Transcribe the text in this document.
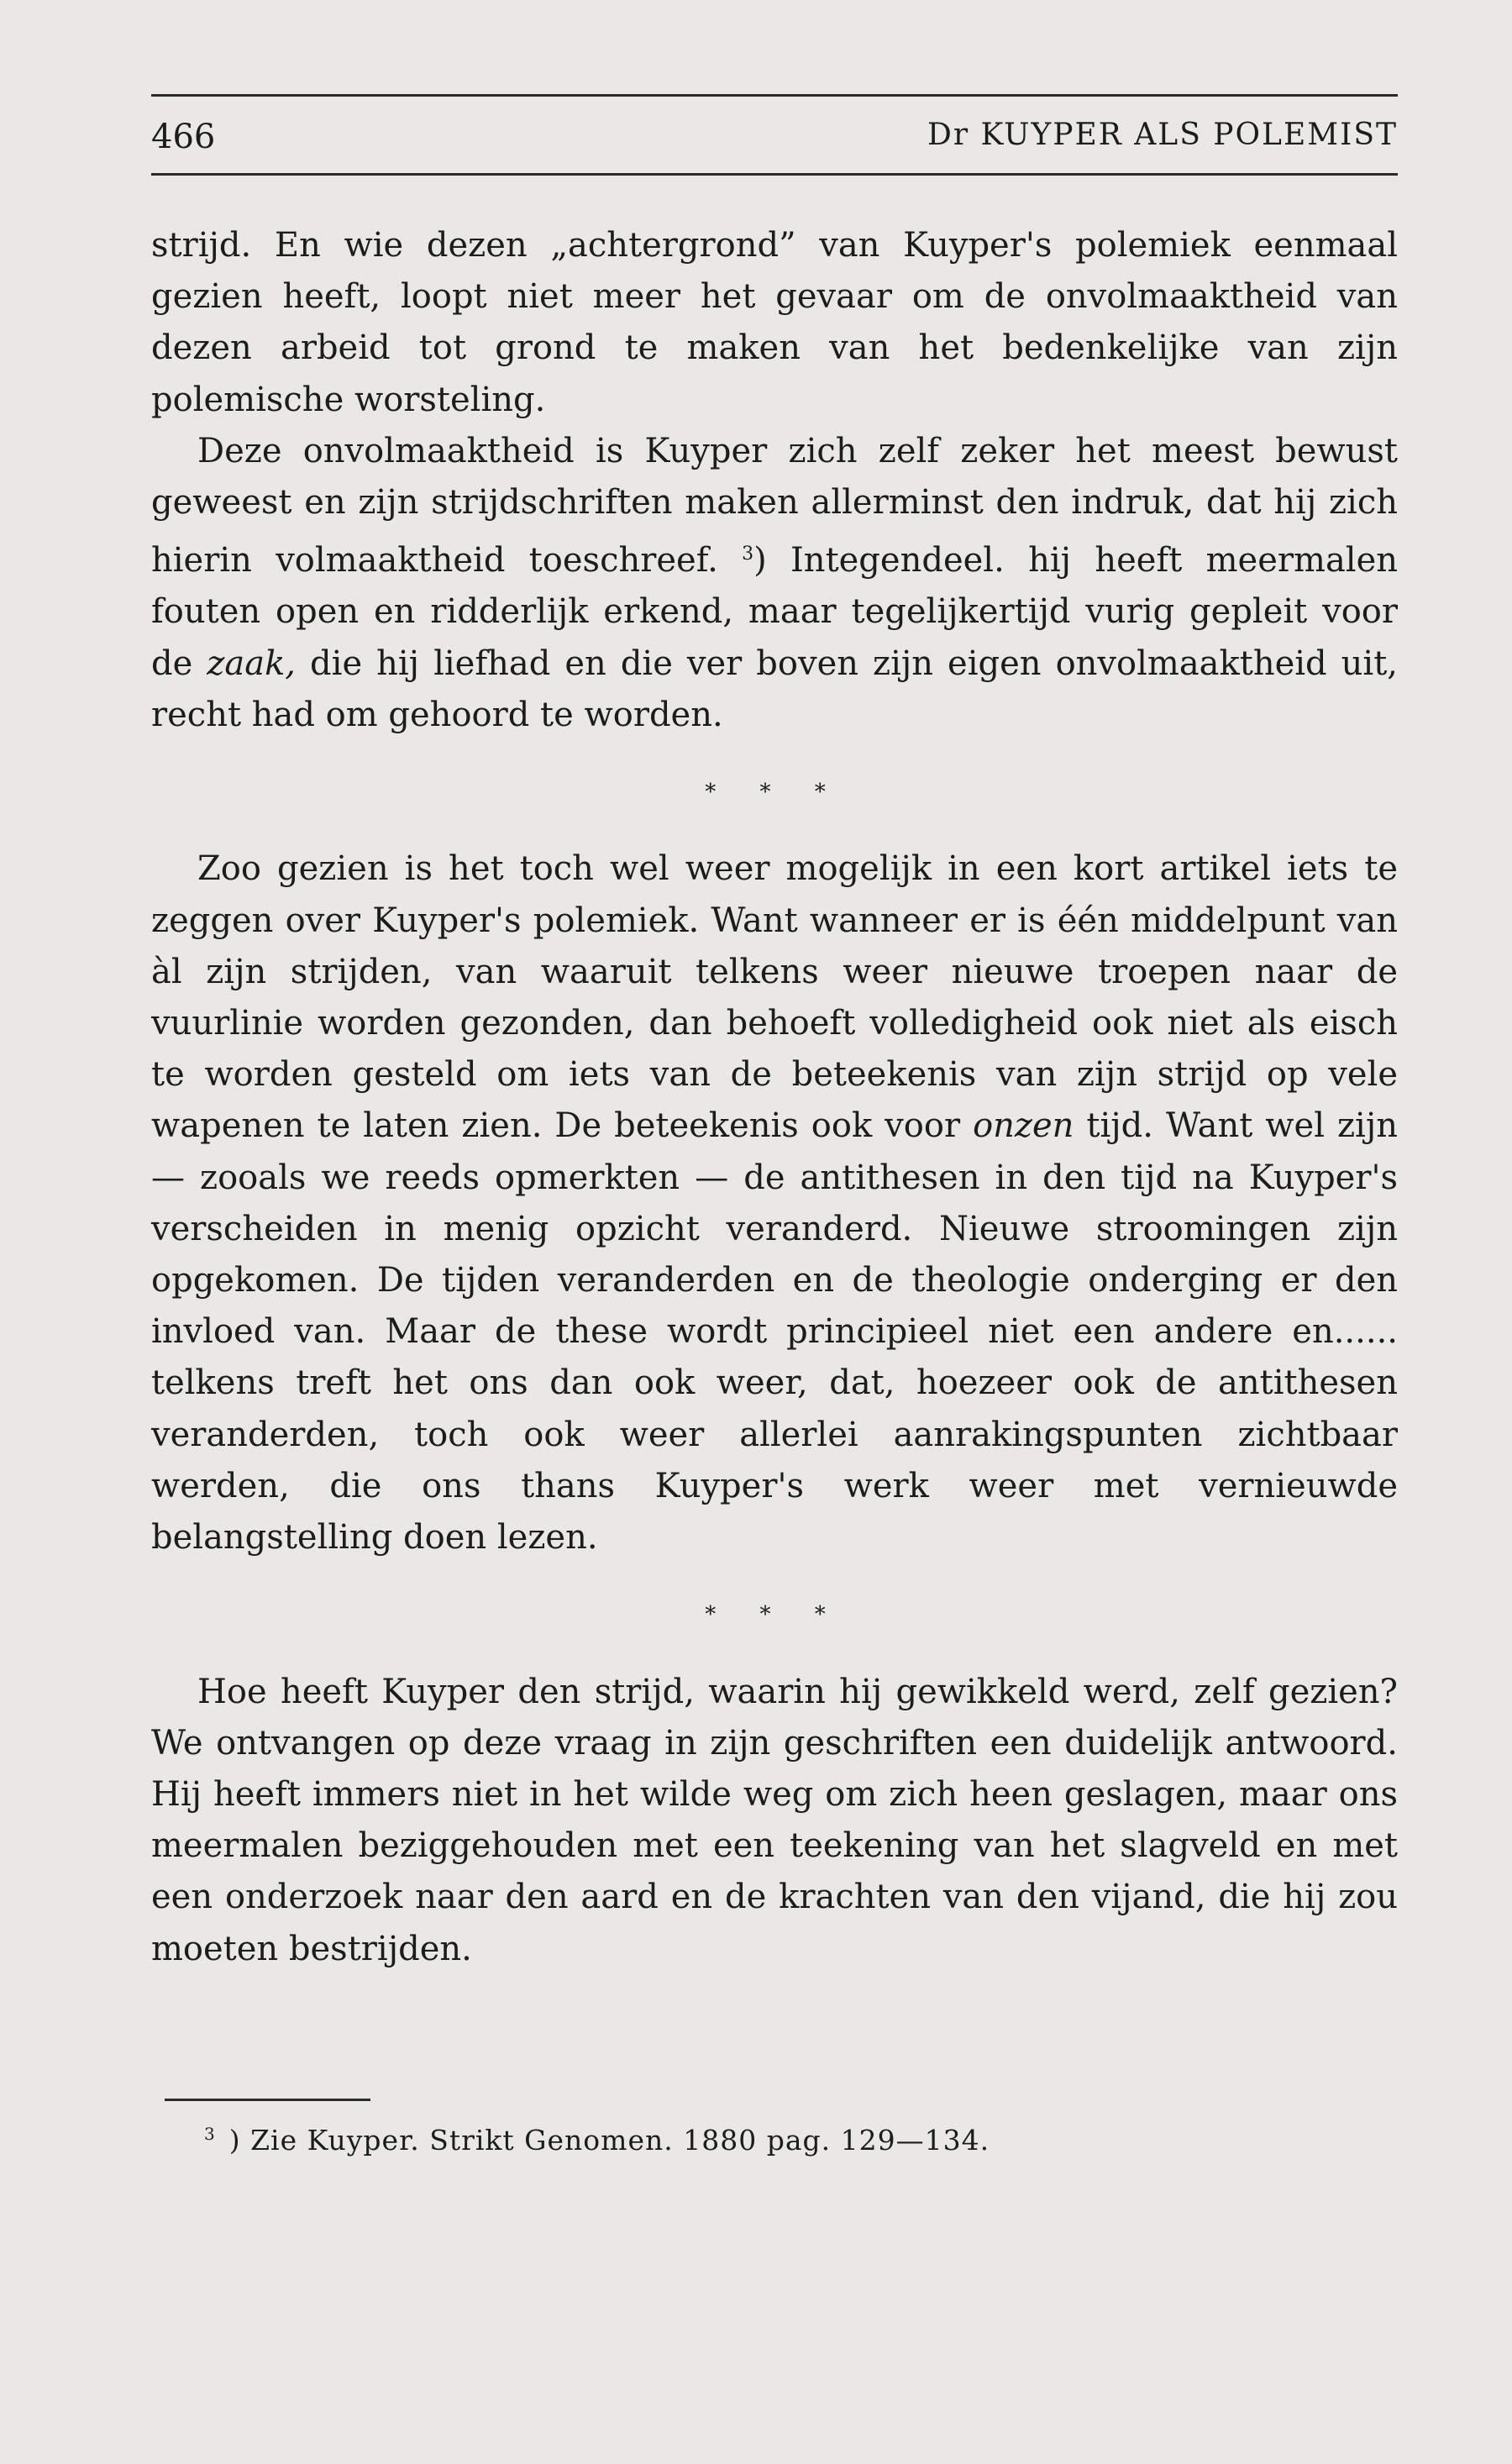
466	Dr KUYPER ALS POLEMIST

strijd. En wie dezen „achtergrond” van Kuyper's polemiek eenmaal gezien heeft, loopt niet meer het gevaar om de onvolmaaktheid van dezen arbeid tot grond te maken van het bedenkelijke van zijn polemische worsteling.

Deze onvolmaaktheid is Kuyper zich zelf zeker het meest bewust geweest en zijn strijdschriften maken allerminst den indruk, dat hij zich hierin volmaaktheid toeschreef. $^3$) Integendeel. hij heeft meermalen fouten open en ridderlijk erkend, maar tegelijkertijd vurig gepleit voor de zaak, die hij liefhad en die ver boven zijn eigen onvolmaaktheid uit, recht had om gehoord te worden.

* * *

Zoo gezien is het toch wel weer mogelijk in een kort artikel iets te zeggen over Kuyper's polemiek. Want wanneer er is één middelpunt van àl zijn strijden, van waaruit telkens weer nieuwe troepen naar de vuurlinie worden gezonden, dan behoeft volledigheid ook niet als eisch te worden gesteld om iets van de beteekenis van zijn strijd op vele wapenen te laten zien. De beteekenis ook voor onzen tijd. Want wel zijn — zooals we reeds opmerkten — de antithesen in den tijd na Kuyper's verscheiden in menig opzicht veranderd. Nieuwe stroomingen zijn opgekomen. De tijden veranderden en de theologie onderging er den invloed van. Maar de these wordt principieel niet een andere en...... telkens treft het ons dan ook weer, dat, hoezeer ook de antithesen veranderden, toch ook weer allerlei aanrakingspunten zichtbaar werden, die ons thans Kuyper's werk weer met vernieuwde belangstelling doen lezen.

* * *

Hoe heeft Kuyper den strijd, waarin hij gewikkeld werd, zelf gezien? We ontvangen op deze vraag in zijn geschriften een duidelijk antwoord. Hij heeft immers niet in het wilde weg om zich heen geslagen, maar ons meermalen beziggehouden met een teekening van het slagveld en met een onderzoek naar den aard en de krachten van den vijand, die hij zou moeten bestrijden.

$^3$ ) Zie Kuyper. Strikt Genomen. 1880 pag. 129—134.
